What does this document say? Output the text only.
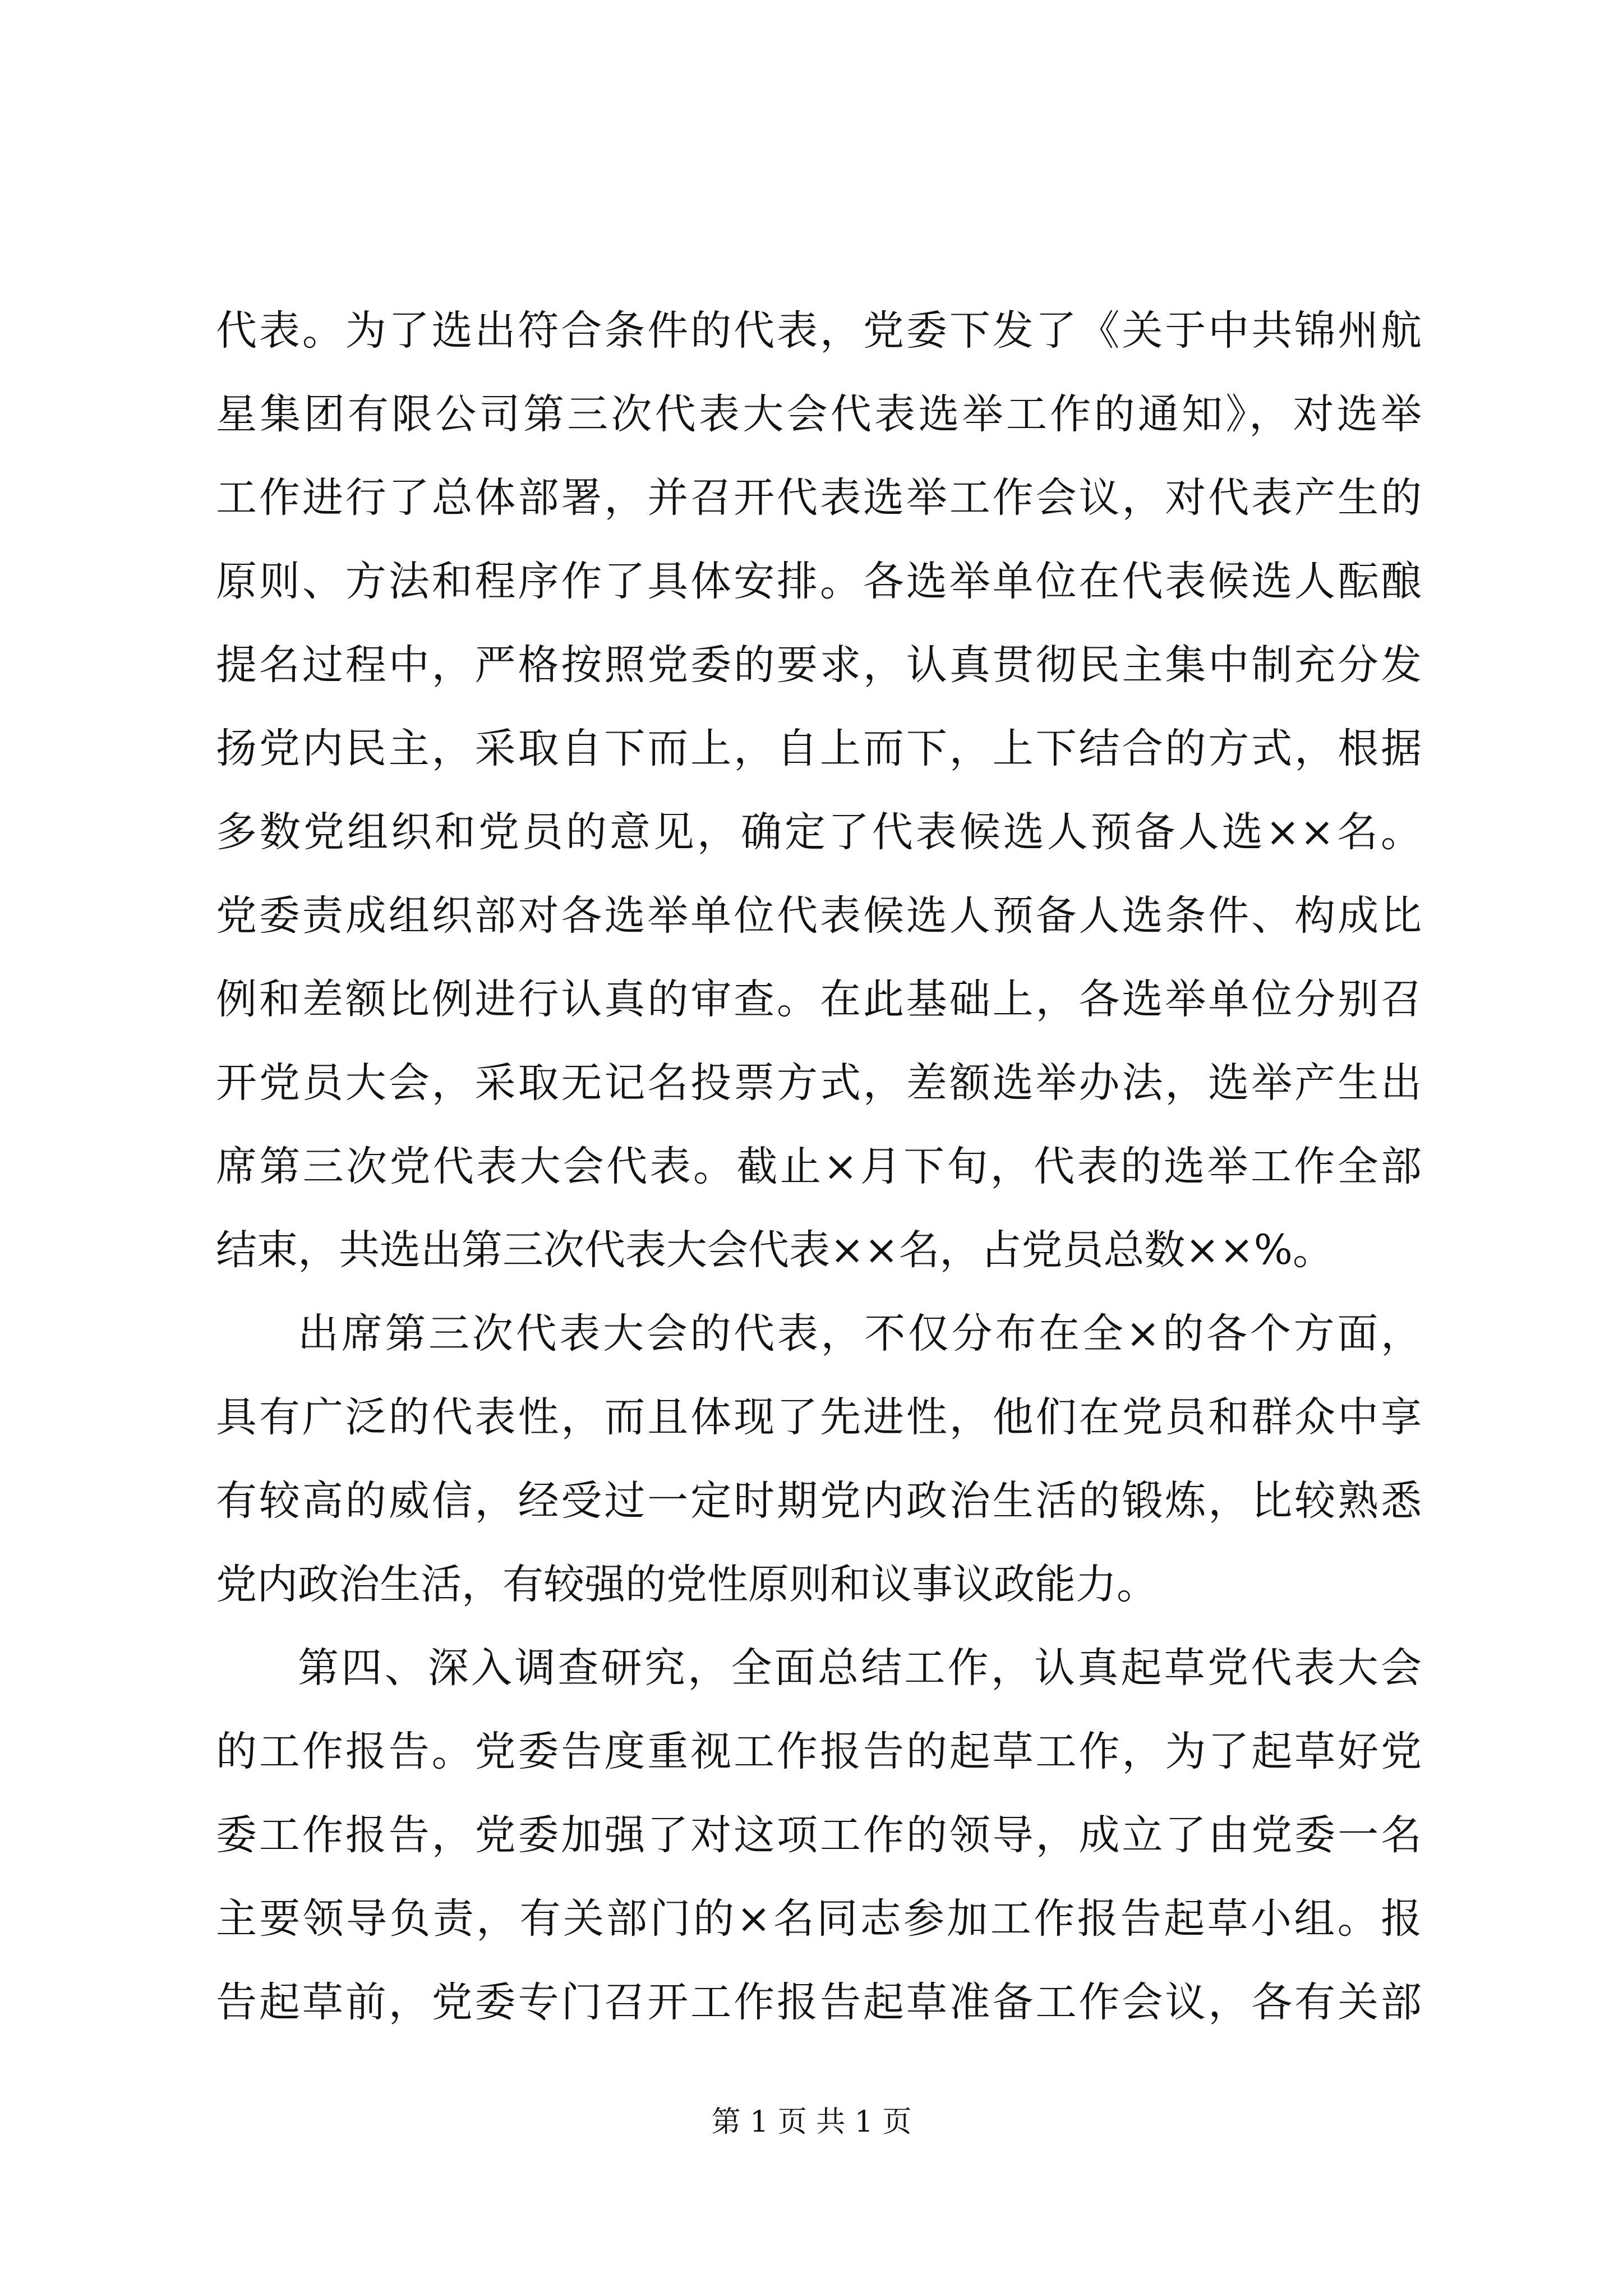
代表。为了选出符合条件的代表，党委下发了《关于中共锦州航
星集团有限公司第三次代表大会代表选举工作的通知》，对选举
工作进行了总体部署，并召开代表选举工作会议，对代表产生的
原则、方法和程序作了具体安排。各选举单位在代表候选人酝酿
提名过程中，严格按照党委的要求，认真贯彻民主集中制充分发
扬党内民主，采取自下而上，自上而下，上下结合的方式，根据
多数党组织和党员的意见，确定了代表候选人预备人选××名。
党委责成组织部对各选举单位代表候选人预备人选条件、构成比
例和差额比例进行认真的审查。在此基础上，各选举单位分别召
开党员大会，采取无记名投票方式，差额选举办法，选举产生出
席第三次党代表大会代表。截止×月下旬，代表的选举工作全部
结束，共选出第三次代表大会代表××名，占党员总数××%。
出席第三次代表大会的代表，不仅分布在全×的各个方面，
具有广泛的代表性，而且体现了先进性，他们在党员和群众中享
有较高的威信，经受过一定时期党内政治生活的锻炼，比较熟悉
党内政治生活，有较强的党性原则和议事议政能力。
第四、深入调查研究，全面总结工作，认真起草党代表大会
的工作报告。党委告度重视工作报告的起草工作，为了起草好党
委工作报告，党委加强了对这项工作的领导，成立了由党委一名
主要领导负责，有关部门的×名同志参加工作报告起草小组。报
告起草前，党委专门召开工作报告起草准备工作会议，各有关部
第 1 页 共 1 页
